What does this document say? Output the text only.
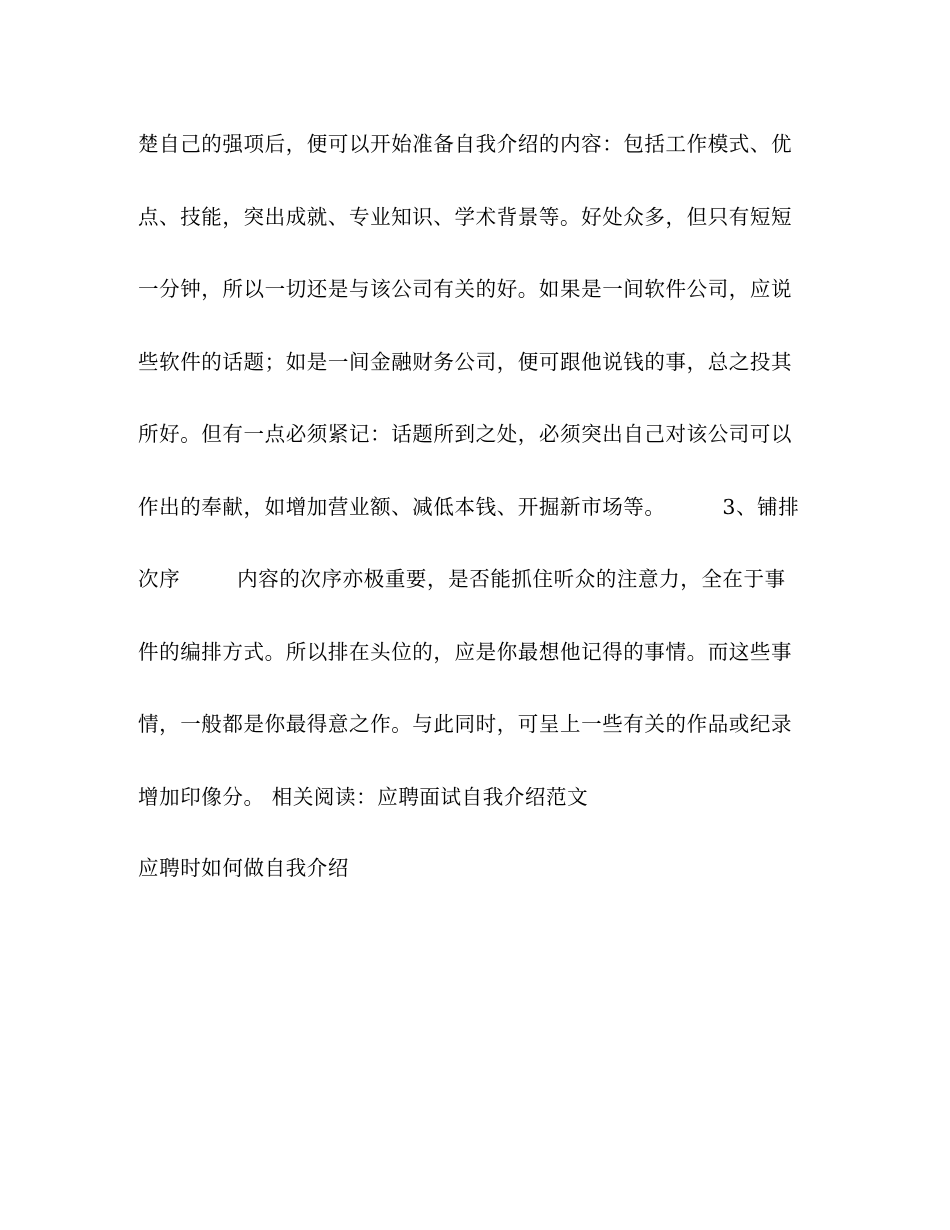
楚自己的强项后，便可以开始准备自我介绍的内容：包括工作模式、优
点、技能，突出成就、专业知识、学术背景等。好处众多，但只有短短
一分钟，所以一切还是与该公司有关的好。如果是一间软件公司，应说
些软件的话题；如是一间金融财务公司，便可跟他说钱的事，总之投其
所好。但有一点必须紧记：话题所到之处，必须突出自己对该公司可以
作出的奉献，如增加营业额、减低本钱、开掘新市场等。        3、铺排
次序        内容的次序亦极重要，是否能抓住听众的注意力，全在于事
件的编排方式。所以排在头位的，应是你最想他记得的事情。而这些事
情，一般都是你最得意之作。与此同时，可呈上一些有关的作品或纪录
增加印像分。 相关阅读：应聘面试自我介绍范文
应聘时如何做自我介绍
